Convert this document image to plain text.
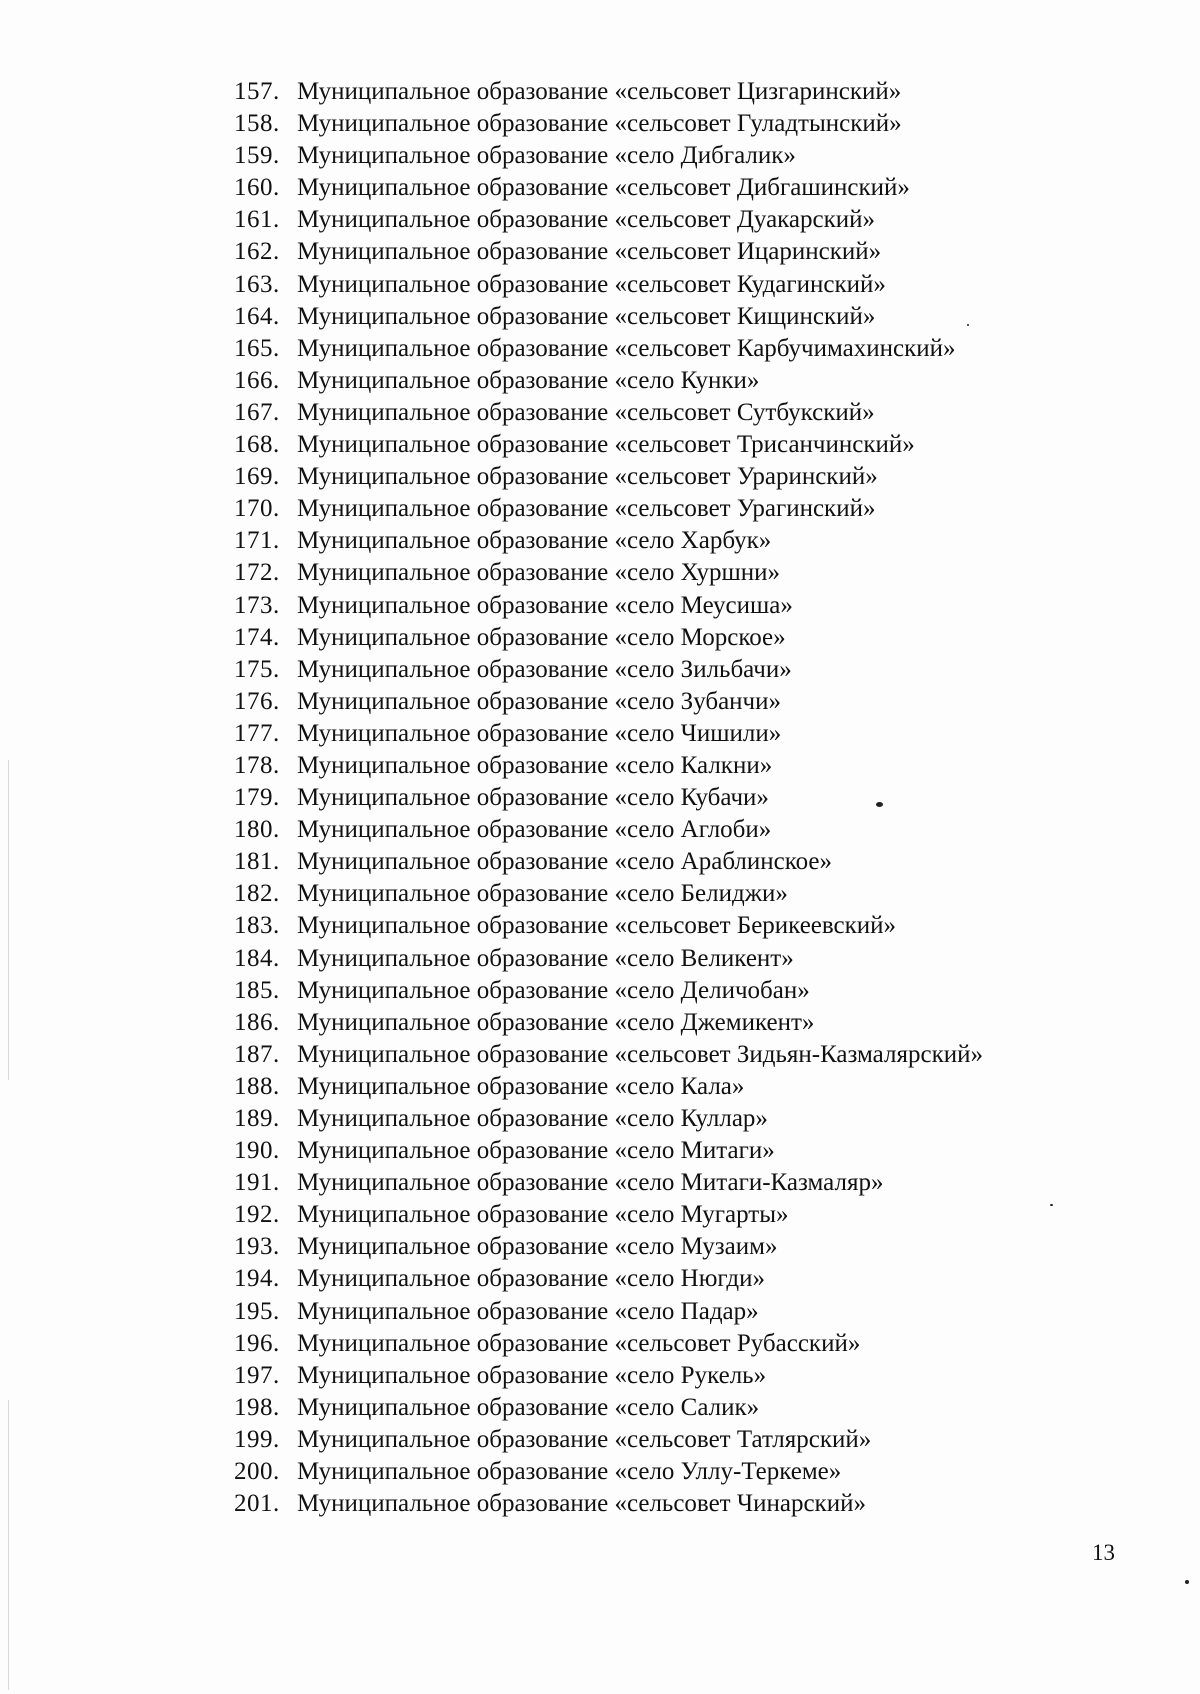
157. Муниципальное образование «сельсовет Цизгаринский»
158. Муниципальное образование «сельсовет Гуладтынский»
159. Муниципальное образование «село Дибгалик»
160. Муниципальное образование «сельсовет Дибгашинский»
161. Муниципальное образование «сельсовет Дуакарский»
162. Муниципальное образование «сельсовет Ицаринский»
163. Муниципальное образование «сельсовет Кудагинский»
164. Муниципальное образование «сельсовет Кищинский»
165. Муниципальное образование «сельсовет Карбучимахинский»
166. Муниципальное образование «село Кунки»
167. Муниципальное образование «сельсовет Сутбукский»
168. Муниципальное образование «сельсовет Трисанчинский»
169. Муниципальное образование «сельсовет Ураринский»
170. Муниципальное образование «сельсовет Урагинский»
171. Муниципальное образование «село Харбук»
172. Муниципальное образование «село Хуршни»
173. Муниципальное образование «село Меусиша»
174. Муниципальное образование «село Морское»
175. Муниципальное образование «село Зильбачи»
176. Муниципальное образование «село Зубанчи»
177. Муниципальное образование «село Чишили»
178. Муниципальное образование «село Калкни»
179. Муниципальное образование «село Кубачи»
180. Муниципальное образование «село Аглоби»
181. Муниципальное образование «село Араблинское»
182. Муниципальное образование «село Белиджи»
183. Муниципальное образование «сельсовет Берикеевский»
184. Муниципальное образование «село Великент»
185. Муниципальное образование «село Деличобан»
186. Муниципальное образование «село Джемикент»
187. Муниципальное образование «сельсовет Зидьян-Казмалярский»
188. Муниципальное образование «село Кала»
189. Муниципальное образование «село Куллар»
190. Муниципальное образование «село Митаги»
191. Муниципальное образование «село Митаги-Казмаляр»
192. Муниципальное образование «село Мугарты»
193. Муниципальное образование «село Музаим»
194. Муниципальное образование «село Нюгди»
195. Муниципальное образование «село Падар»
196. Муниципальное образование «сельсовет Рубасский»
197. Муниципальное образование «село Рукель»
198. Муниципальное образование «село Салик»
199. Муниципальное образование «сельсовет Татлярский»
200. Муниципальное образование «село Уллу-Теркеме»
201. Муниципальное образование «сельсовет Чинарский»
13
